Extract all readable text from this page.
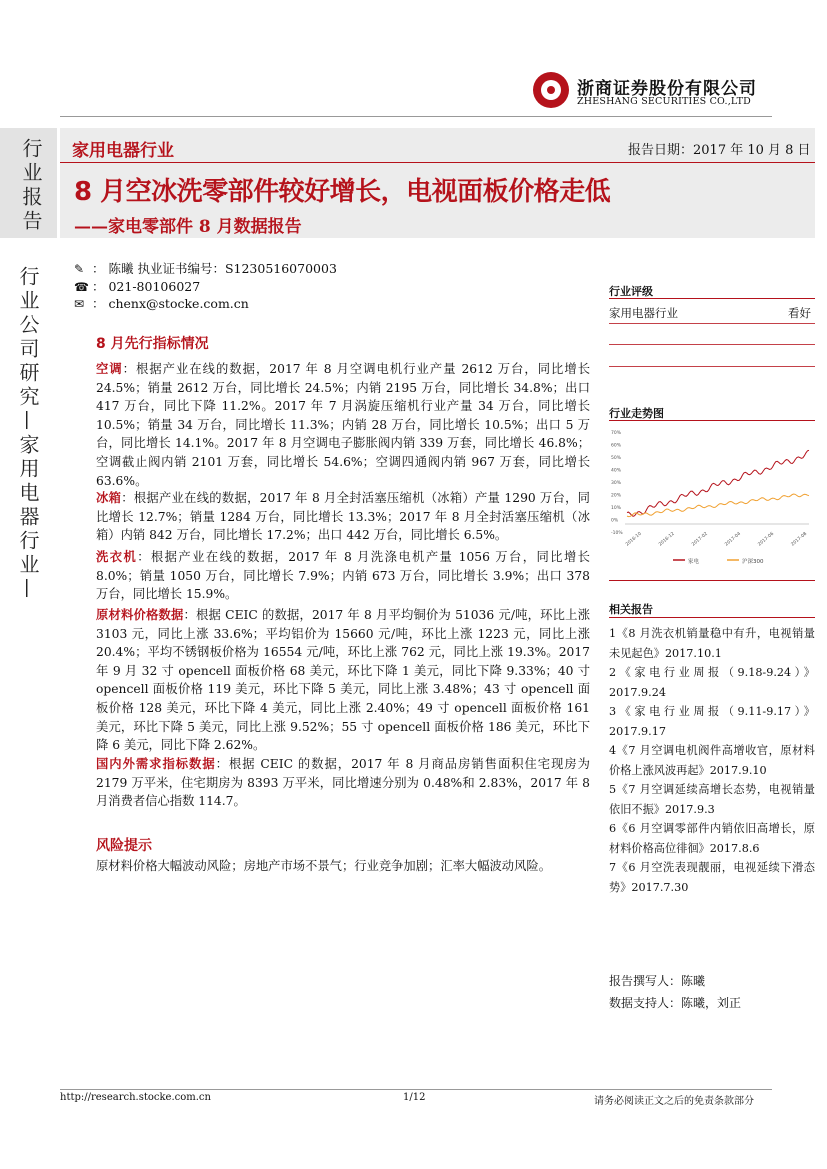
浙商证券股份有限公司
ZHESHANG SECURITIES CO.,LTD
行业报告
行业公司研究—家用电器行业—
家用电器行业	报告日期：2017 年 10 月 8 日
8 月空冰洗零部件较好增长，电视面板价格走低
——家电零部件 8 月数据报告
✎ ： 陈曦 执业证书编号：S1230516070003
☎ ： 021-80106027
✉ ： chenx@stocke.com.cn
8 月先行指标情况
空调：根据产业在线的数据，2017 年 8 月空调电机行业产量 2612 万台，同比增长 24.5%；销量 2612 万台，同比增长 24.5%；内销 2195 万台，同比增长 34.8%；出口 417 万台，同比下降 11.2%。2017 年 7 月涡旋压缩机行业产量 34 万台，同比增长 10.5%；销量 34 万台，同比增长 11.3%；内销 28 万台，同比增长 10.5%；出口 5 万台，同比增长 14.1%。2017 年 8 月空调电子膨胀阀内销 339 万套，同比增长 46.8%；空调截止阀内销 2101 万套，同比增长 54.6%；空调四通阀内销 967 万套，同比增长 63.6%。
冰箱：根据产业在线的数据，2017 年 8 月全封活塞压缩机（冰箱）产量 1290 万台，同比增长 12.7%；销量 1284 万台，同比增长 13.3%；2017 年 8 月全封活塞压缩机（冰箱）内销 842 万台，同比增长 17.2%；出口 442 万台，同比增长 6.5%。
洗衣机：根据产业在线的数据，2017 年 8 月洗涤电机产量 1056 万台，同比增长 8.0%；销量 1050 万台，同比增长 7.9%；内销 673 万台，同比增长 3.9%；出口 378 万台，同比增长 15.9%。
原材料价格数据：根据 CEIC 的数据，2017 年 8 月平均铜价为 51036 元/吨，环比上涨 3103 元，同比上涨 33.6%；平均铝价为 15660 元/吨，环比上涨 1223 元，同比上涨 20.4%；平均不锈钢板价格为 16554 元/吨，环比上涨 762 元，同比上涨 19.3%。2017 年 9 月 32 寸 opencell 面板价格 68 美元，环比下降 1 美元，同比下降 9.33%；40 寸 opencell 面板价格 119 美元，环比下降 5 美元，同比上涨 3.48%；43 寸 opencell 面板价格 128 美元，环比下降 4 美元，同比上涨 2.40%；49 寸 opencell 面板价格 161 美元，环比下降 5 美元，同比上涨 9.52%；55 寸 opencell 面板价格 186 美元，环比下降 6 美元，同比下降 2.62%。
国内外需求指标数据：根据 CEIC 的数据，2017 年 8 月商品房销售面积住宅现房为 2179 万平米，住宅期房为 8393 万平米，同比增速分别为 0.48%和 2.83%，2017 年 8 月消费者信心指数 114.7。
风险提示
原材料价格大幅波动风险；房地产市场不景气；行业竞争加剧；汇率大幅波动风险。
行业评级
家用电器行业	看好
行业走势图
70%
60%
50%
40%
30%
20%
10%
0%
-10% 2016-10	2016-12	2017-02	2017-04	2017-06	2017-08
家电	沪深300
相关报告
1《8 月洗衣机销量稳中有升，电视销量未见起色》2017.10.1
2《家电行业周报（9.18-9.24）》2017.9.24
3《家电行业周报（9.11-9.17）》2017.9.17
4《7 月空调电机阀件高增收官，原材料价格上涨风波再起》2017.9.10
5《7 月空调延续高增长态势，电视销量依旧不振》2017.9.3
6《6 月空调零部件内销依旧高增长，原材料价格高位徘徊》2017.8.6
7《6 月空洗表现靓丽，电视延续下滑态势》2017.7.30
报告撰写人：陈曦
数据支持人：陈曦，刘正
http://research.stocke.com.cn	1/12	请务必阅读正文之后的免责条款部分
